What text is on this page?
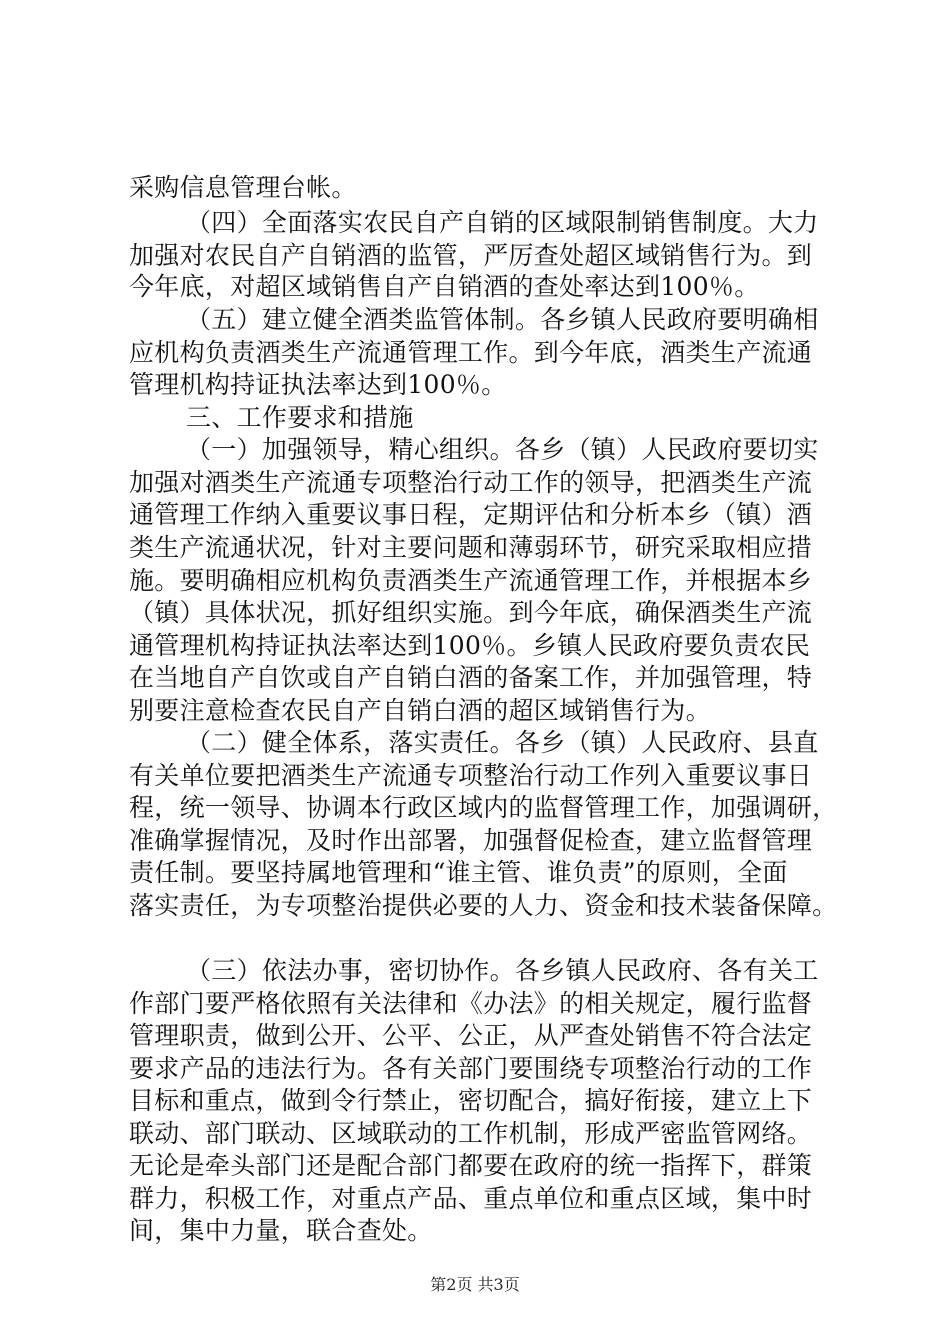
采购信息管理台帐。
（四）全面落实农民自产自销的区域限制销售制度。大力
加强对农民自产自销酒的监管，严厉查处超区域销售行为。到
今年底，对超区域销售自产自销酒的查处率达到100％。
（五）建立健全酒类监管体制。各乡镇人民政府要明确相
应机构负责酒类生产流通管理工作。到今年底，酒类生产流通
管理机构持证执法率达到100％。
三、工作要求和措施
（一）加强领导，精心组织。各乡（镇）人民政府要切实
加强对酒类生产流通专项整治行动工作的领导，把酒类生产流
通管理工作纳入重要议事日程，定期评估和分析本乡（镇）酒
类生产流通状况，针对主要问题和薄弱环节，研究采取相应措
施。要明确相应机构负责酒类生产流通管理工作，并根据本乡
（镇）具体状况，抓好组织实施。到今年底，确保酒类生产流
通管理机构持证执法率达到100％。乡镇人民政府要负责农民
在当地自产自饮或自产自销白酒的备案工作，并加强管理，特
别要注意检查农民自产自销白酒的超区域销售行为。
（二）健全体系，落实责任。各乡（镇）人民政府、县直
有关单位要把酒类生产流通专项整治行动工作列入重要议事日
程，统一领导、协调本行政区域内的监督管理工作，加强调研，
准确掌握情况，及时作出部署，加强督促检查，建立监督管理
责任制。要坚持属地管理和“谁主管、谁负责”的原则，全面
落实责任，为专项整治提供必要的人力、资金和技术装备保障。
（三）依法办事，密切协作。各乡镇人民政府、各有关工
作部门要严格依照有关法律和《办法》的相关规定，履行监督
管理职责，做到公开、公平、公正，从严查处销售不符合法定
要求产品的违法行为。各有关部门要围绕专项整治行动的工作
目标和重点，做到令行禁止，密切配合，搞好衔接，建立上下
联动、部门联动、区域联动的工作机制，形成严密监管网络。
无论是牵头部门还是配合部门都要在政府的统一指挥下，群策
群力，积极工作，对重点产品、重点单位和重点区域，集中时
间，集中力量，联合查处。
第2页 共3页
